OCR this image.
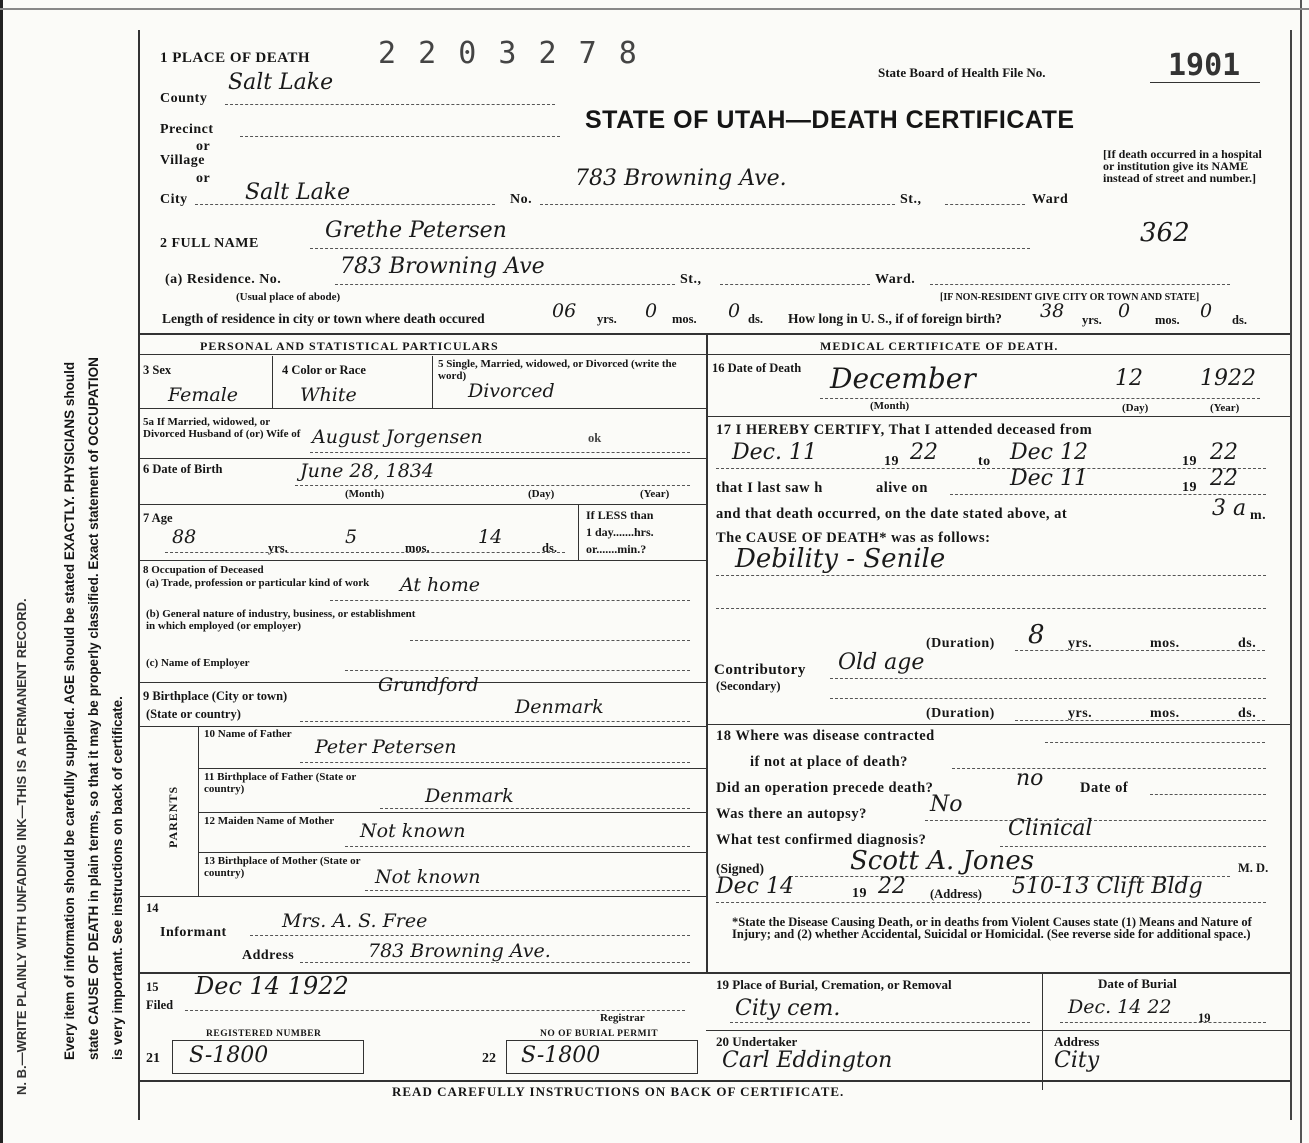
N. B.—WRITE PLAINLY WITH UNFADING INK—THIS IS A PERMANENT RECORD. Every item of information should be carefully supplied. AGE should be stated EXACTLY. PHYSICIANS should state CAUSE OF DEATH in plain terms, so that it may be properly classified. Exact statement of OCCUPATION is very important. See instructions on back of certificate.
1 PLACE OF DEATH 2 2 0 3 2 7 8
State Board of Health File No.	1901
STATE OF UTAH—DEATH CERTIFICATE
County
Salt Lake
Precinct
or
Village
or
City	Salt Lake	No.
783 Browning Ave.
St.,	Ward
[If death occurred in a hospital or institution give its NAME instead of street and number.]
362
2 FULL NAME
Grethe Petersen
(a) Residence. No.
783 Browning Ave
St.,	Ward.
(Usual place of abode)	[IF NON-RESIDENT GIVE CITY OR TOWN AND STATE]
Length of residence in city or town where death occured	06 yrs. 0 mos. 0 ds. How long in U. S., if of foreign birth? 38 yrs. 0 mos. 0 ds.
PERSONAL AND STATISTICAL PARTICULARS	MEDICAL CERTIFICATE OF DEATH.
3 Sex
Female
4 Color or Race
White
5 Single, Married, widowed, or Divorced (write the word)
Divorced
5a If Married, widowed, or Divorced Husband of (or) Wife of August Jorgensen	ok
6 Date of Birth	June 28, 1834
(Month)	(Day)	(Year)
7 Age
88	yrs.	5	mos.	14	ds.
If LESS than
1 day.......hrs.
or.......min.?
8 Occupation of Deceased
(a) Trade, profession or particular kind of work	At home
(b) General nature of industry, business, or establishment in which employed (or employer)
(c) Name of Employer
9 Birthplace (City or town)	Grundford
(State or country)	Denmark
PARENTS
10 Name of Father
Peter Petersen
11 Birthplace of Father (State or country)	Denmark
12 Maiden Name of Mother	Not known
13 Birthplace of Mother (State or country)	Not known
14
Informant
Mrs. A. S. Free
Address	783 Browning Ave.
15 Filed
Dec 14 1922
Registrar
REGISTERED NUMBER	NO OF BURIAL PERMIT
21 S-1800	22 S-1800
16 Date of Death December	12	1922
(Month)	(Day)	(Year)
17 I HEREBY CERTIFY, That I attended deceased from
Dec. 11	19 22	to Dec 12	19 22
that I last saw h	alive on	Dec 11	19 22
and that death occurred, on the date stated above, at	3 a m.
The CAUSE OF DEATH* was as follows:
Debility - Senile
(Duration) 8 yrs.	mos.	ds.
Contributory
(Secondary)
Old age
(Duration)	yrs.	mos.	ds.
18 Where was disease contracted
if not at place of death?
Did an operation precede death?	no	Date of
Was there an autopsy?	No
What test confirmed diagnosis?	Clinical
(Signed)	Scott A. Jones	M. D.
Dec 14	19 22 (Address) 510-13 Clift Bldg
*State the Disease Causing Death, or in deaths from Violent Causes state (1) Means and Nature of Injury; and (2) whether Accidental, Suicidal or Homicidal. (See reverse side for additional space.)
19 Place of Burial, Cremation, or Removal
City cem.
Date of Burial
Dec. 14 22 19
20 Undertaker
Carl Eddington
Address
City
READ CAREFULLY INSTRUCTIONS ON BACK OF CERTIFICATE.
